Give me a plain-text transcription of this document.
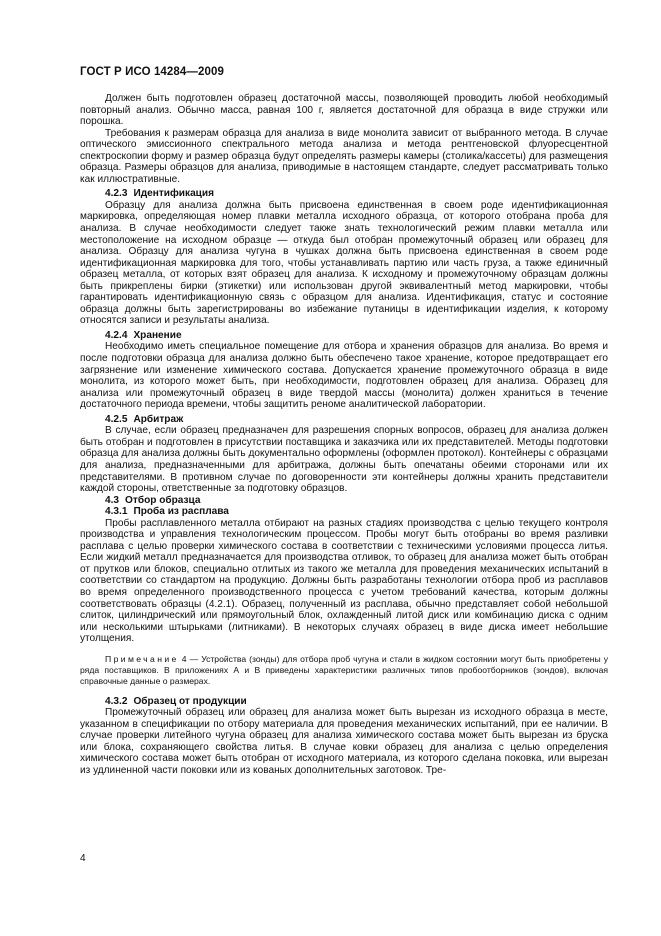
ГОСТ Р ИСО 14284—2009

Должен быть подготовлен образец достаточной массы, позволяющей проводить любой необходимый повторный анализ. Обычно масса, равная 100 г, является достаточной для образца в виде стружки или порошка.

Требования к размерам образца для анализа в виде монолита зависит от выбранного метода. В случае оптического эмиссионного спектрального метода анализа и метода рентгеновской флуоресцентной спектроскопии форму и размер образца будут определять размеры камеры (столика/кассеты) для размещения образца. Размеры образцов для анализа, приводимые в настоящем стандарте, следует рассматривать только как иллюстративные.

4.2.3 Идентификация

Образцу для анализа должна быть присвоена единственная в своем роде идентификационная маркировка, определяющая номер плавки металла исходного образца, от которого отобрана проба для анализа. В случае необходимости следует также знать технологический режим плавки металла или местоположение на исходном образце — откуда был отобран промежуточный образец или образец для анализа. Образцу для анализа чугуна в чушках должна быть присвоена единственная в своем роде идентификационная маркировка для того, чтобы устанавливать партию или часть груза, а также единичный образец металла, от которых взят образец для анализа. К исходному и промежуточному образцам должны быть прикреплены бирки (этикетки) или использован другой эквивалентный метод маркировки, чтобы гарантировать идентификационную связь с образцом для анализа. Идентификация, статус и состояние образца должны быть зарегистрированы во избежание путаницы в идентификации изделия, к которому относятся записи и результаты анализа.

4.2.4 Хранение

Необходимо иметь специальное помещение для отбора и хранения образцов для анализа. Во время и после подготовки образца для анализа должно быть обеспечено такое хранение, которое предотвращает его загрязнение или изменение химического состава. Допускается хранение промежуточного образца в виде монолита, из которого может быть, при необходимости, подготовлен образец для анализа. Образец для анализа или промежуточный образец в виде твердой массы (монолита) должен храниться в течение достаточного периода времени, чтобы защитить реноме аналитической лаборатории.

4.2.5 Арбитраж

В случае, если образец предназначен для разрешения спорных вопросов, образец для анализа должен быть отобран и подготовлен в присутствии поставщика и заказчика или их представителей. Методы подготовки образца для анализа должны быть документально оформлены (оформлен протокол). Контейнеры с образцами для анализа, предназначенными для арбитража, должны быть опечатаны обеими сторонами или их представителями. В противном случае по договоренности эти контейнеры должны хранить представители каждой стороны, ответственные за подготовку образцов.

4.3 Отбор образца
4.3.1 Проба из расплава

Пробы расплавленного металла отбирают на разных стадиях производства с целью текущего контроля производства и управления технологическим процессом. Пробы могут быть отобраны во время разливки расплава с целью проверки химического состава в соответствии с техническими условиями процесса литья. Если жидкий металл предназначается для производства отливок, то образец для анализа может быть отобран от прутков или блоков, специально отлитых из такого же металла для проведения механических испытаний в соответствии со стандартом на продукцию. Должны быть разработаны технологии отбора проб из расплавов во время определенного производственного процесса с учетом требований качества, которым должны соответствовать образцы (4.2.1). Образец, полученный из расплава, обычно представляет собой небольшой слиток, цилиндрический или прямоугольный блок, охлажденный литой диск или комбинацию диска с одним или несколькими штырьками (литниками). В некоторых случаях образец в виде диска имеет небольшие утолщения.

Примечание 4 — Устройства (зонды) для отбора проб чугуна и стали в жидком состоянии могут быть приобретены у ряда поставщиков. В приложениях А и В приведены характеристики различных типов пробоотборников (зондов), включая справочные данные о размерах.

4.3.2 Образец от продукции

Промежуточный образец или образец для анализа может быть вырезан из исходного образца в месте, указанном в спецификации по отбору материала для проведения механических испытаний, при ее наличии. В случае проверки литейного чугуна образец для анализа химического состава может быть вырезан из бруска или блока, сохраняющего свойства литья. В случае ковки образец для анализа с целью определения химического состава может быть отобран от исходного материала, из которого сделана поковка, или вырезан из удлиненной части поковки или из кованых дополнительных заготовок. Тре-

4
